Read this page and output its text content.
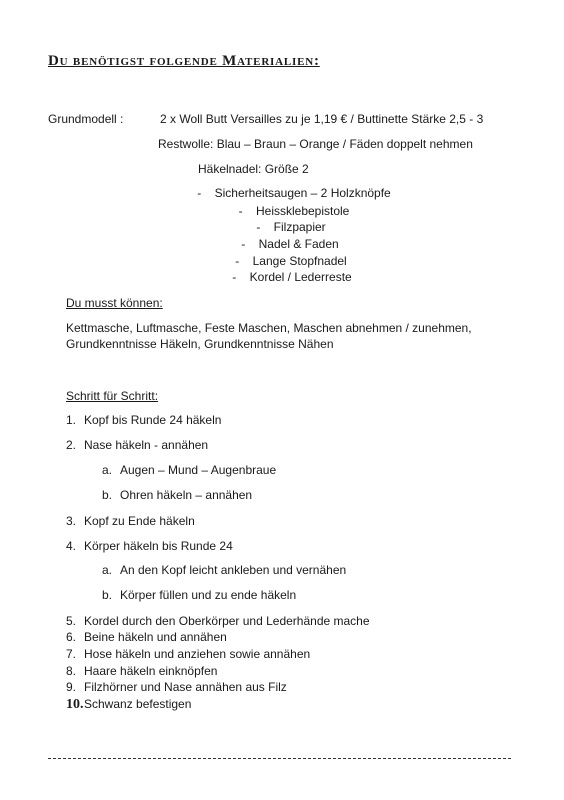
Du benötigst folgende Materialien:
Grundmodell :	2 x Woll Butt Versailles zu je 1,19 € / Buttinette Stärke 2,5 - 3
Restwolle: Blau – Braun – Orange / Fäden doppelt nehmen
Häkelnadel: Größe 2
- Sicherheitsaugen – 2 Holzknöpfe
- Heissklebepistole
- Filzpapier
- Nadel & Faden
- Lange Stopfnadel
- Kordel / Lederreste
Du musst können:
Kettmasche, Luftmasche, Feste Maschen, Maschen abnehmen / zunehmen,
Grundkenntnisse Häkeln, Grundkenntnisse Nähen
Schritt für Schritt:
1. Kopf bis Runde 24 häkeln
2. Nase häkeln - annähen
a. Augen – Mund – Augenbraue
b. Ohren häkeln – annähen
3. Kopf zu Ende häkeln
4. Körper häkeln bis Runde 24
a. An den Kopf leicht ankleben und vernähen
b. Körper füllen und zu ende häkeln
5. Kordel durch den Oberkörper und Lederhände mache
6. Beine häkeln und annähen
7. Hose häkeln und anziehen sowie annähen
8. Haare häkeln einknöpfen
9. Filzhörner und Nase annähen aus Filz
10.Schwanz befestigen
